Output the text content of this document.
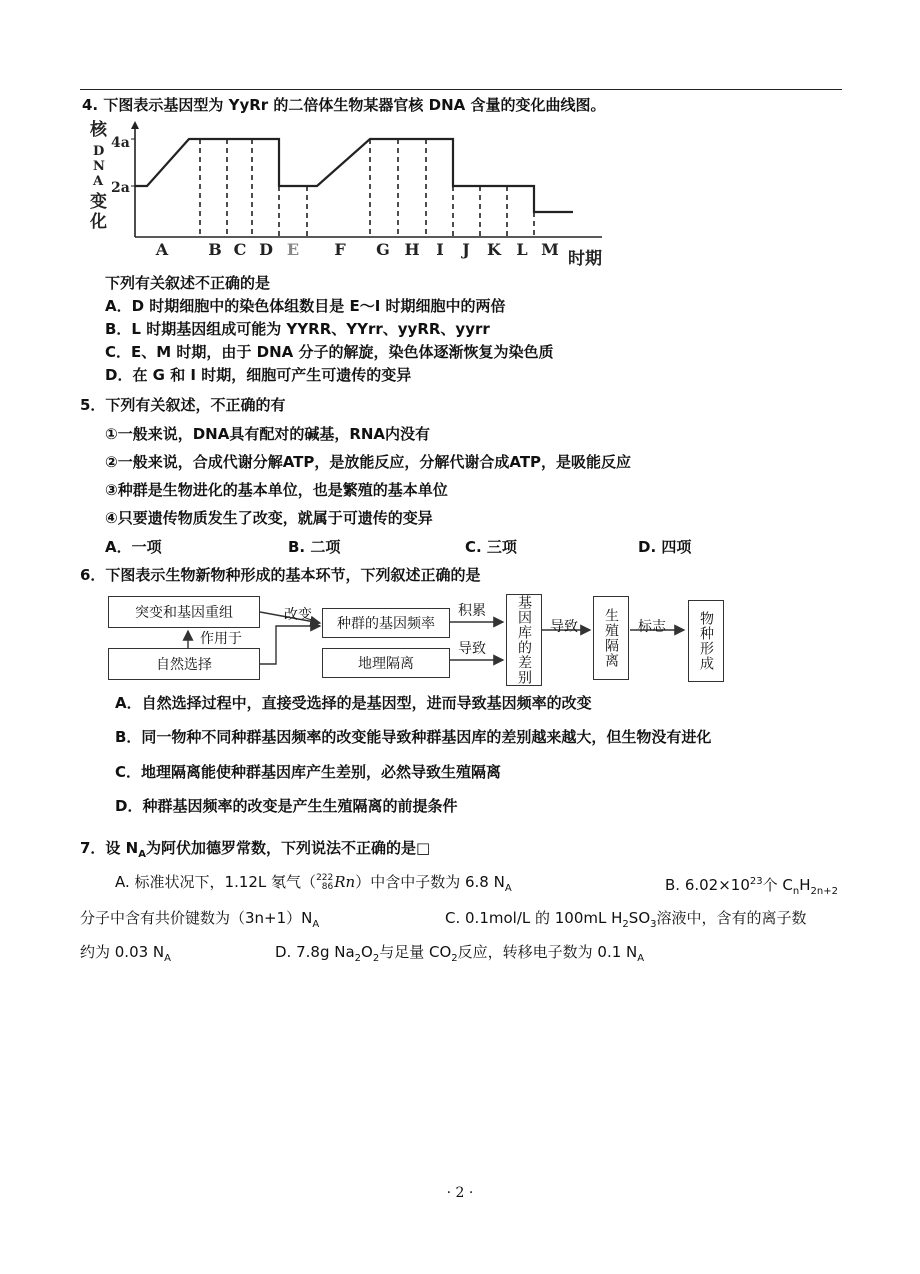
4. 下图表示基因型为 YyRr 的二倍体生物某器官核 DNA 含量的变化曲线图。
核
D
N
A
变
化
4a
2a
时期
A	B C D E F G H I J K L M
下列有关叙述不正确的是
A．D 时期细胞中的染色体组数目是 E～I 时期细胞中的两倍
B．L 时期基因组成可能为 YYRR、YYrr、yyRR、yyrr
C．E、M 时期，由于 DNA 分子的解旋，染色体逐渐恢复为染色质
D．在 G 和 I 时期，细胞可产生可遗传的变异
5．下列有关叙述，不正确的有
①一般来说，DNA具有配对的碱基，RNA内没有
②一般来说，合成代谢分解ATP，是放能反应，分解代谢合成ATP，是吸能反应
③种群是生物进化的基本单位，也是繁殖的基本单位
④只要遗传物质发生了改变，就属于可遗传的变异
A．一项	B. 二项	C. 三项	D. 四项
6．下图表示生物新物种形成的基本环节，下列叙述正确的是
突变和基因重组
自然选择
作用于
改变
种群的基因频率
地理隔离
积累
导致	基因库的差别	导致	生殖隔离	标志	物种形成
A．自然选择过程中，直接受选择的是基因型，进而导致基因频率的改变
B．同一物种不同种群基因频率的改变能导致种群基因库的差别越来越大，但生物没有进化
C．地理隔离能使种群基因库产生差别，必然导致生殖隔离
D．种群基因频率的改变是产生生殖隔离的前提条件
7．设 $N_A$为阿伏加德罗常数，下列说法不正确的是□
A. 标准状况下，1.12L 氡气（222
86Rn）中含中子数为 6.8 $N_A$	B. $6.02\times 10^{23}$个 $C_nH_{2n+2}$
分子中含有共价键数为$(3n+1)N_A$	C. 0.1mol/L 的 100mL $H_2SO_3$溶液中，含有的离子数
约为 0.03 $N_A$	D. 7.8g $Na_2O_2$与足量 $CO_2$反应，转移电子数为 0.1 $N_A$
· 2 ·
